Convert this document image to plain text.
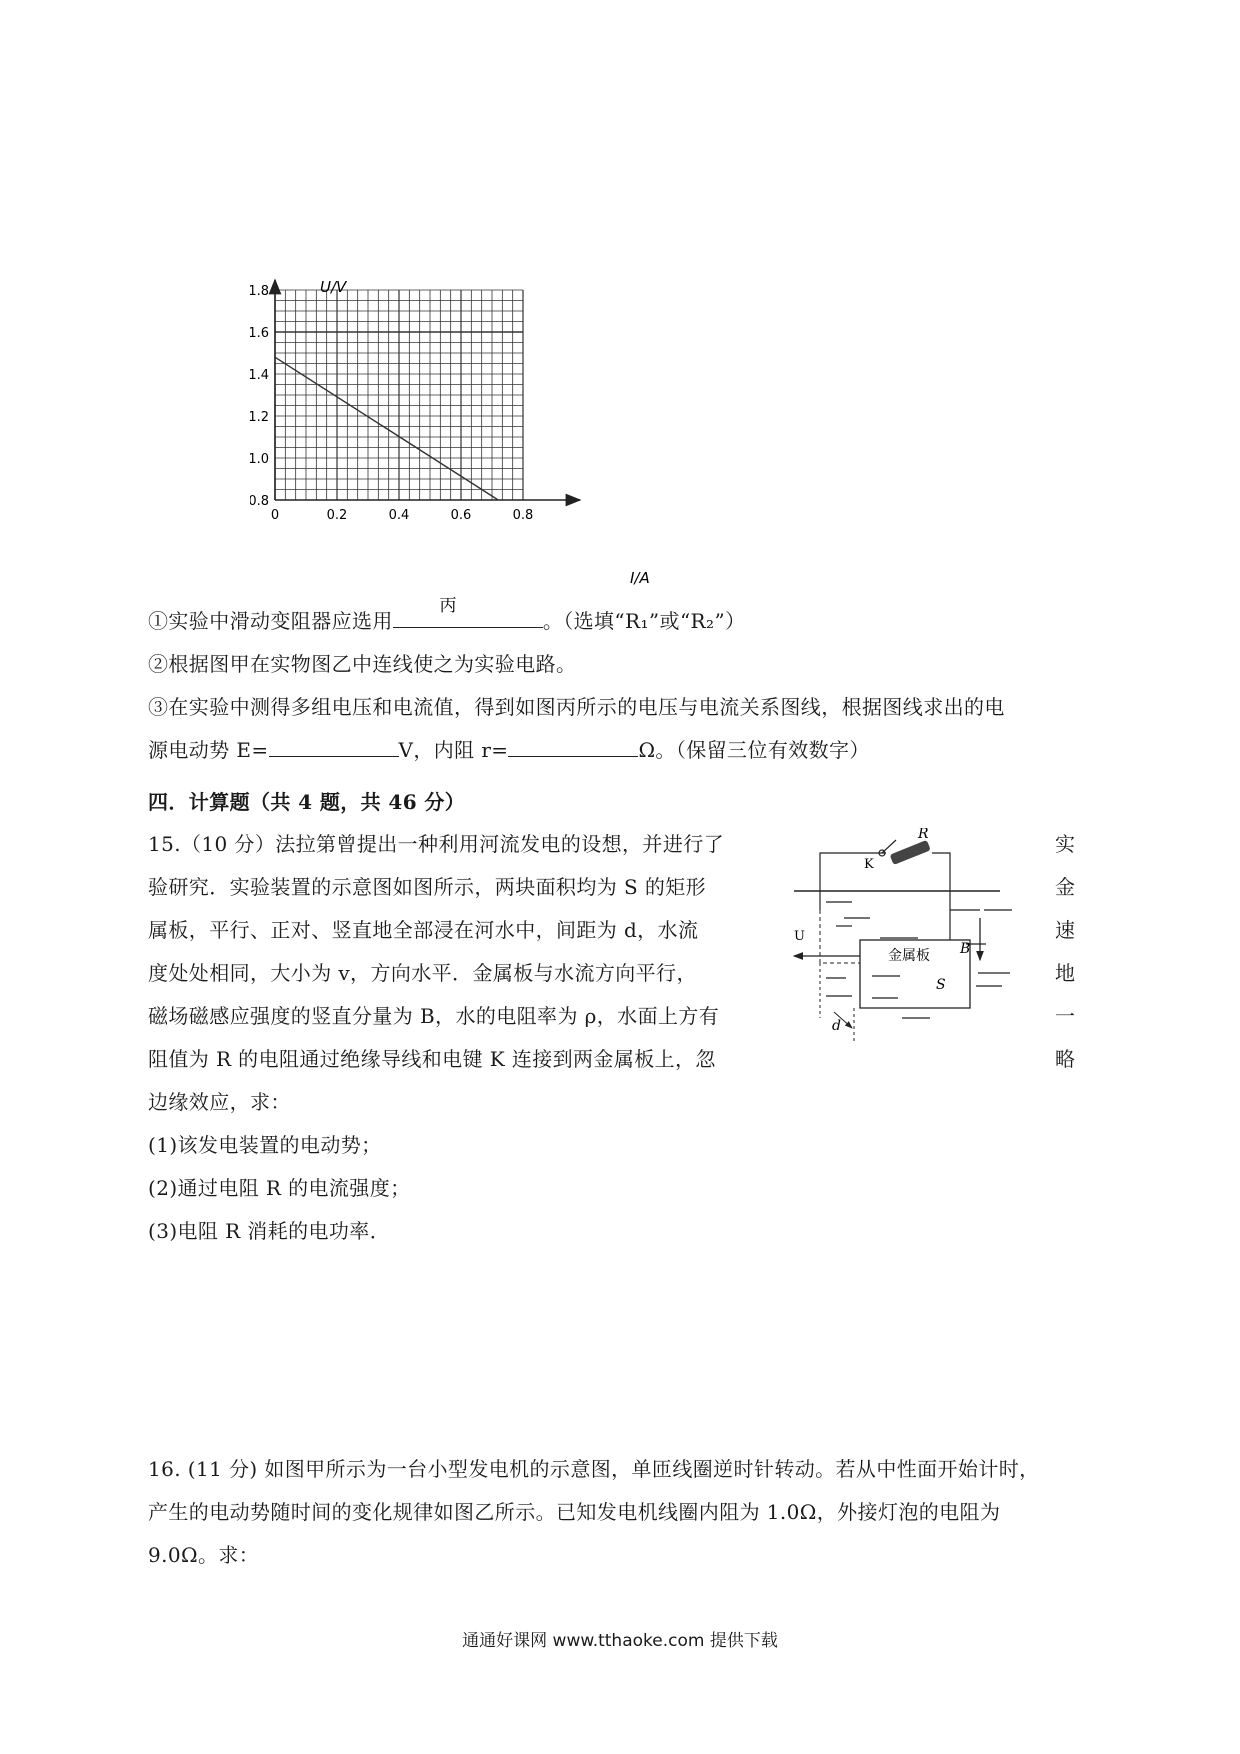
1.8
1.6
1.4
1.2
1.0
0.8
0	0.2	0.4	0.6	0.8
U/V
I/A
丙
①实验中滑动变阻器应选用	。（选填“R₁”或“R₂”）
②根据图甲在实物图乙中连线使之为实验电路。
③在实验中测得多组电压和电流值，得到如图丙所示的电压与电流关系图线，根据图线求出的电
源电动势 E=	V，内阻 r=	Ω。（保留三位有效数字）
四．计算题（共 4 题，共 46 分）
15.（10 分）法拉第曾提出一种利用河流发电的设想，并进行了
验研究．实验装置的示意图如图所示，两块面积均为 S 的矩形
属板，平行、正对、竖直地全部浸在河水中，间距为 d，水流
度处处相同，大小为 v，方向水平．金属板与水流方向平行，
磁场磁感应强度的竖直分量为 B，水的电阻率为 ρ，水面上方有
阻值为 R 的电阻通过绝缘导线和电键 K 连接到两金属板上，忽
边缘效应，求：
实
金
速
地
一
略
(1)该发电装置的电动势；
(2)通过电阻 R 的电流强度；
(3)电阻 R 消耗的电功率．
R
K
金属板
S
B
U
d
16. (11 分) 如图甲所示为一台小型发电机的示意图，单匝线圈逆时针转动。若从中性面开始计时，
产生的电动势随时间的变化规律如图乙所示。已知发电机线圈内阻为 1.0Ω，外接灯泡的电阻为
9.0Ω。求：
通通好课网 www.tthaoke.com 提供下载
